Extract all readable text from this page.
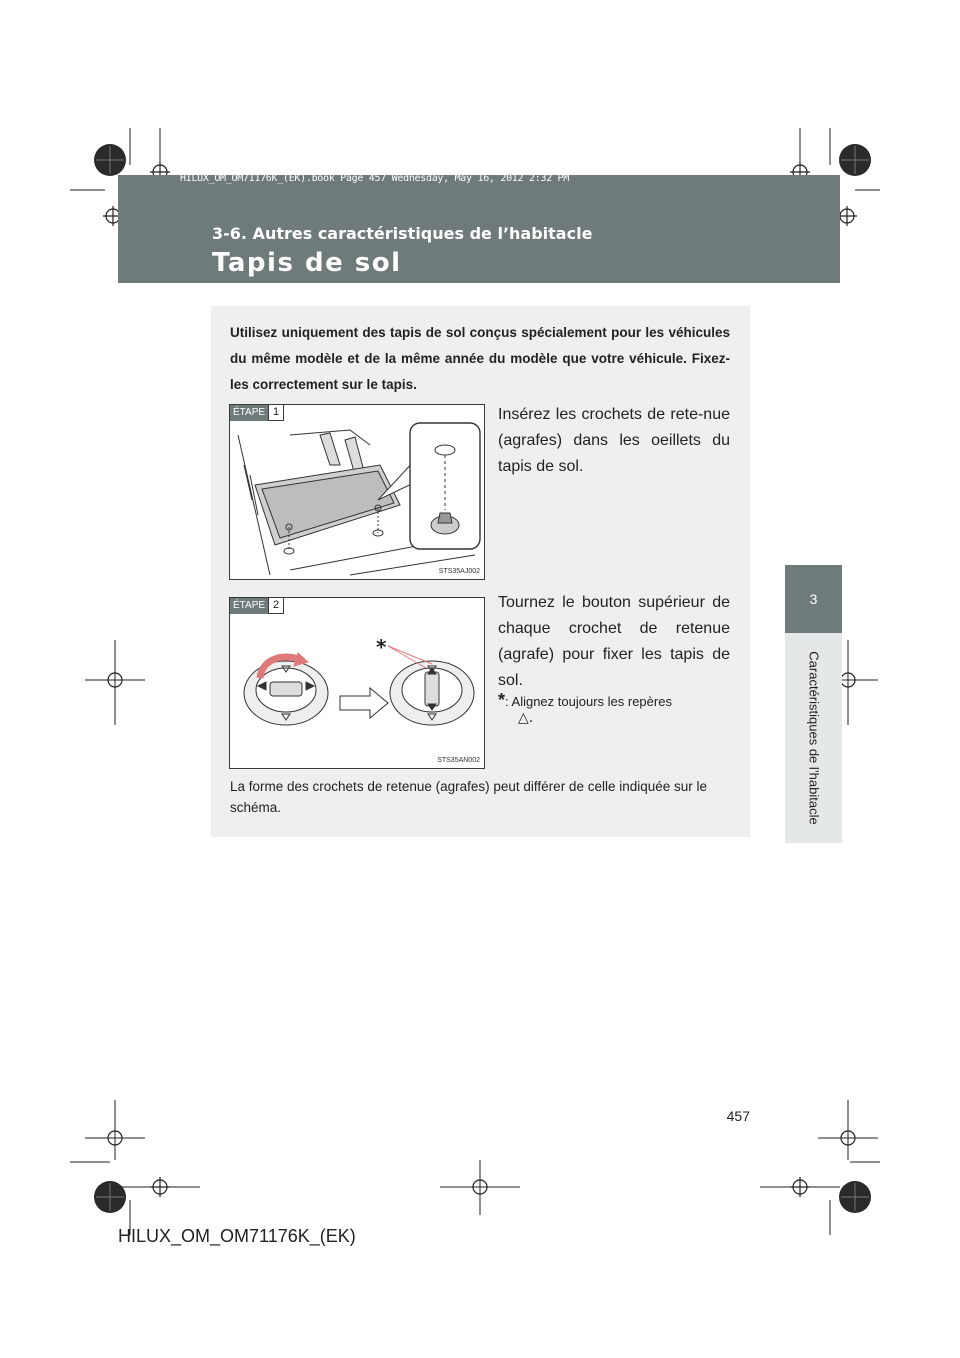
HILUX_OM_OM71176K_(EK).book Page 457 Wednesday, May 16, 2012 2:32 PM
3-6. Autres caractéristiques de l’habitacle
Tapis de sol
3
Caractéristiques de l’habitacle
Utilisez uniquement des tapis de sol conçus spécialement pour les véhicules du même modèle et de la même année du modèle que votre véhicule. Fixez-les correctement sur le tapis.
ÉTAPE 1
STS35AJ002
Insérez les crochets de rete-nue (agrafes) dans les oeillets du tapis de sol.
*
ÉTAPE 2
STS35AN002
Tournez le bouton supérieur de chaque crochet de retenue (agrafe) pour fixer les tapis de sol.
*: Alignez toujours les repères
△.
La forme des crochets de retenue (agrafes) peut différer de celle indiquée sur le schéma.
457
HILUX_OM_OM71176K_(EK)
